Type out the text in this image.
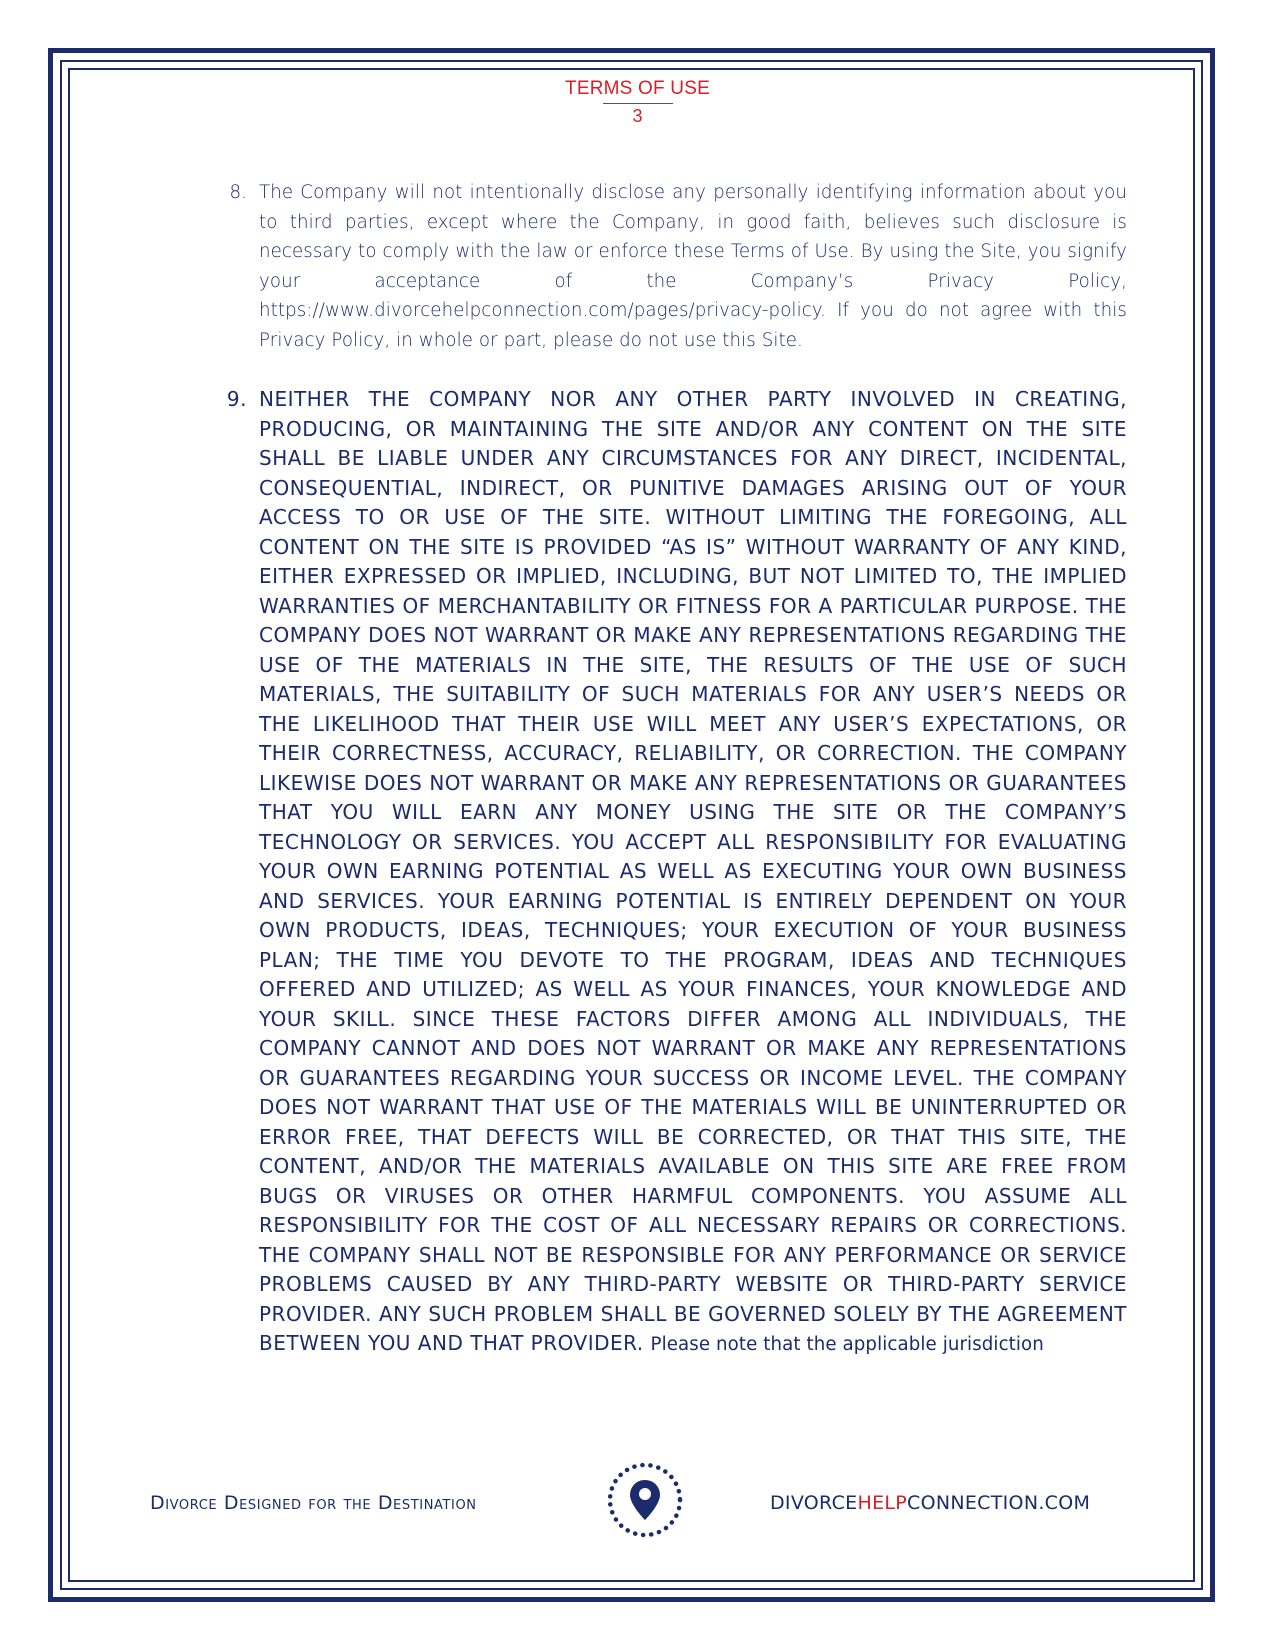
TERMS OF USE
3
8. The Company will not intentionally disclose any personally identifying information about you to third parties, except where the Company, in good faith, believes such disclosure is necessary to comply with the law or enforce these Terms of Use. By using the Site, you signify your acceptance of the Company’s Privacy Policy, https://www.divorcehelpconnection.com/pages/privacy-policy. If you do not agree with this Privacy Policy, in whole or part, please do not use this Site.
9. NEITHER THE COMPANY NOR ANY OTHER PARTY INVOLVED IN CREATING, PRODUCING, OR MAINTAINING THE SITE AND/OR ANY CONTENT ON THE SITE SHALL BE LIABLE UNDER ANY CIRCUMSTANCES FOR ANY DIRECT, INCIDENTAL, CONSEQUENTIAL, INDIRECT, OR PUNITIVE DAMAGES ARISING OUT OF YOUR ACCESS TO OR USE OF THE SITE. WITHOUT LIMITING THE FOREGOING, ALL CONTENT ON THE SITE IS PROVIDED “AS IS” WITHOUT WARRANTY OF ANY KIND, EITHER EXPRESSED OR IMPLIED, INCLUDING, BUT NOT LIMITED TO, THE IMPLIED WARRANTIES OF MERCHANTABILITY OR FITNESS FOR A PARTICULAR PURPOSE. THE COMPANY DOES NOT WARRANT OR MAKE ANY REPRESENTATIONS REGARDING THE USE OF THE MATERIALS IN THE SITE, THE RESULTS OF THE USE OF SUCH MATERIALS, THE SUITABILITY OF SUCH MATERIALS FOR ANY USER’S NEEDS OR THE LIKELIHOOD THAT THEIR USE WILL MEET ANY USER’S EXPECTATIONS, OR THEIR CORRECTNESS, ACCURACY, RELIABILITY, OR CORRECTION. THE COMPANY LIKEWISE DOES NOT WARRANT OR MAKE ANY REPRESENTATIONS OR GUARANTEES THAT YOU WILL EARN ANY MONEY USING THE SITE OR THE COMPANY’S TECHNOLOGY OR SERVICES. YOU ACCEPT ALL RESPONSIBILITY FOR EVALUATING YOUR OWN EARNING POTENTIAL AS WELL AS EXECUTING YOUR OWN BUSINESS AND SERVICES. YOUR EARNING POTENTIAL IS ENTIRELY DEPENDENT ON YOUR OWN PRODUCTS, IDEAS, TECHNIQUES; YOUR EXECUTION OF YOUR BUSINESS PLAN; THE TIME YOU DEVOTE TO THE PROGRAM, IDEAS AND TECHNIQUES OFFERED AND UTILIZED; AS WELL AS YOUR FINANCES, YOUR KNOWLEDGE AND YOUR SKILL. SINCE THESE FACTORS DIFFER AMONG ALL INDIVIDUALS, THE COMPANY CANNOT AND DOES NOT WARRANT OR MAKE ANY REPRESENTATIONS OR GUARANTEES REGARDING YOUR SUCCESS OR INCOME LEVEL. THE COMPANY DOES NOT WARRANT THAT USE OF THE MATERIALS WILL BE UNINTERRUPTED OR ERROR FREE, THAT DEFECTS WILL BE CORRECTED, OR THAT THIS SITE, THE CONTENT, AND/OR THE MATERIALS AVAILABLE ON THIS SITE ARE FREE FROM BUGS OR VIRUSES OR OTHER HARMFUL COMPONENTS. YOU ASSUME ALL RESPONSIBILITY FOR THE COST OF ALL NECESSARY REPAIRS OR CORRECTIONS. THE COMPANY SHALL NOT BE RESPONSIBLE FOR ANY PERFORMANCE OR SERVICE PROBLEMS CAUSED BY ANY THIRD-PARTY WEBSITE OR THIRD-PARTY SERVICE PROVIDER. ANY SUCH PROBLEM SHALL BE GOVERNED SOLELY BY THE AGREEMENT BETWEEN YOU AND THAT PROVIDER. Please note that the applicable jurisdiction
Divorce Designed for the Destination	DIVORCEHELPCONNECTION.COM
